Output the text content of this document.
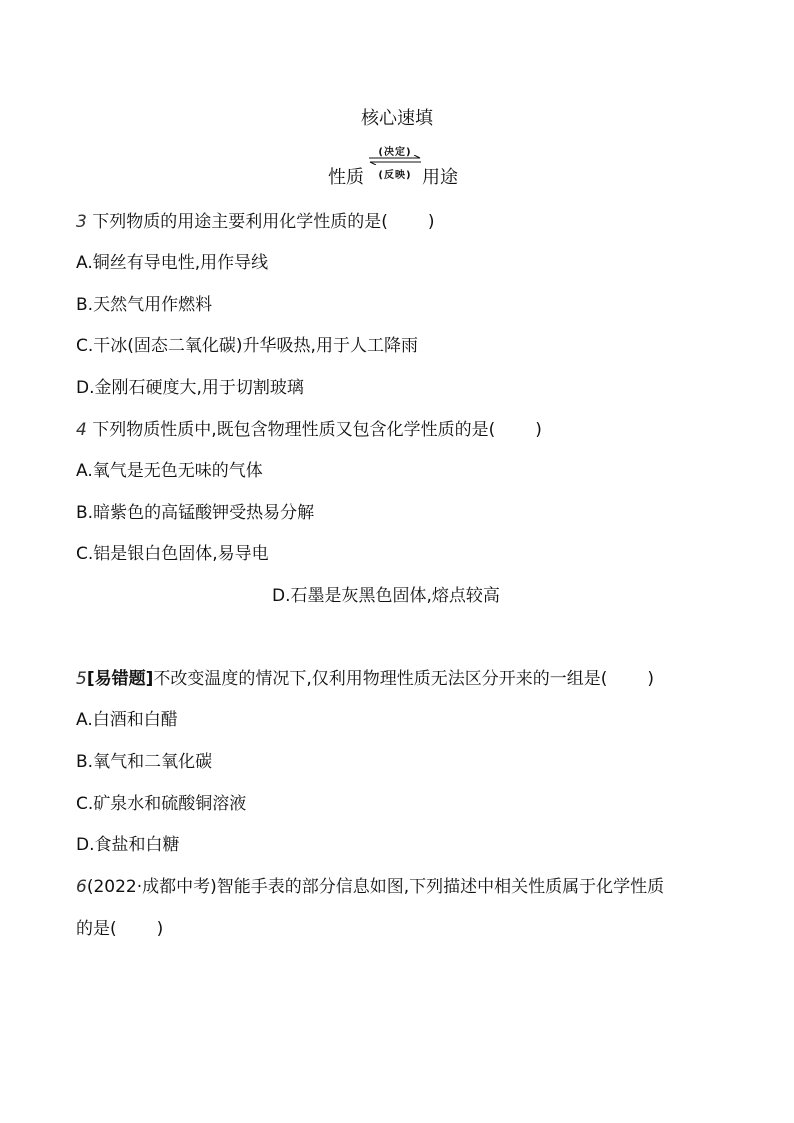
核心速填
性质
(决定)
(反映) 用途
3 下列物质的用途主要利用化学性质的是( )
A.铜丝有导电性,用作导线
B.天然气用作燃料
C.干冰(固态二氧化碳)升华吸热,用于人工降雨
D.金刚石硬度大,用于切割玻璃
4 下列物质性质中,既包含物理性质又包含化学性质的是( )
A.氧气是无色无味的气体
B.暗紫色的高锰酸钾受热易分解
C.铝是银白色固体,易导电
D.石墨是灰黑色固体,熔点较高
5[易错题]不改变温度的情况下,仅利用物理性质无法区分开来的一组是( )
A.白酒和白醋
B.氧气和二氧化碳
C.矿泉水和硫酸铜溶液
D.食盐和白糖
6(2022·成都中考)智能手表的部分信息如图,下列描述中相关性质属于化学性质
的是( )
